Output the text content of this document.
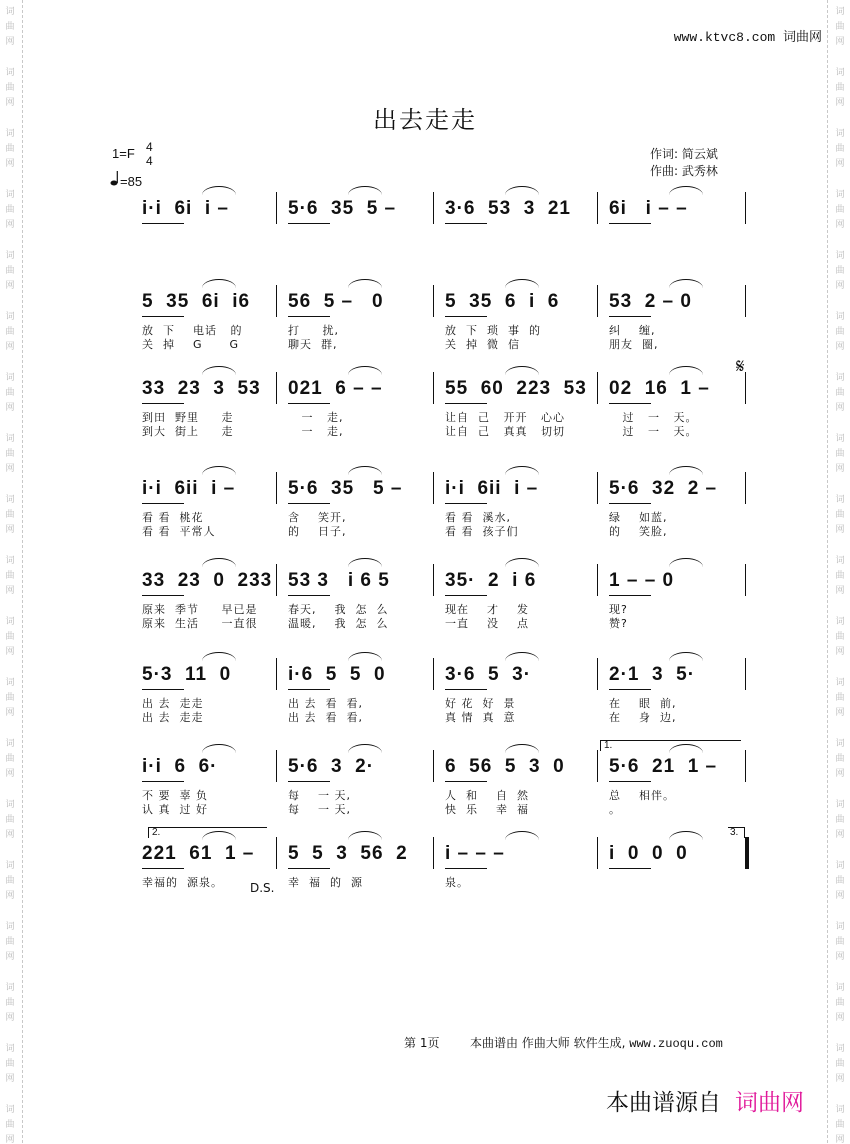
词
曲
网
词
曲
网
词
曲
网
词
曲
网
词
曲
网
词
曲
网
词
曲
网
词
曲
网
词
曲
网
词
曲
网
词
曲
网
词
曲
网
词
曲
网
词
曲
网
词
曲
网
词
曲
网
词
曲
网
词
曲
网
词
曲
网
词
曲
网
词
曲
网
词
曲
网
词
曲
网
词
曲
网
词
曲
网
词
曲
网
词
曲
网
词
曲
网
词
曲
网
词
曲
网
词
曲
网
词
曲
网
词
曲
网
词
曲
网
词
曲
网
词
曲
网
词
曲
网
词
曲
网
www.ktvc8.com 词曲网
出去走走
1=F 4
4
=85
作词: 简云斌
作曲: 武秀林
i·i  6i  i –	5·6  35  5 –	3·6  53  3  21 6i   i – –
5  35  6i  i6
放  下    电话   的
关  掉    G      G
56  5 –   0
打     扰,
聊天  群,
5  35  6  i  6
放  下  琐  事  的
关  掉  微  信
53  2 – 0
纠    缠,
朋友  圈,
33  23  3  53
到田  野里     走
到大  街上     走
021  6 – –
一   走,
一   走,
55  60  223  53
让自  己   开开   心心
让自  己   真真   切切
02  16  1 –
过   一   天。
过   一   天。
𝄋
i·i  6ii  i –
看 看  桃花
看 看  平常人
5·6  35   5 –
含    笑开,
的    日子,
i·i  6ii  i –
看 看  溪水,
看 看  孩子们
5·6  32  2 –
绿    如蓝,
的    笑脸,
33  23  0  233
原来  季节     早已是
原来  生活     一直很
53 3   i 6 5
春天,    我  怎  么
温暖,    我  怎  么
35·  2  i 6
现在    才    发
一直    没    点
1 – – 0
现?
赞?
5·3  11  0
出 去  走走
出 去  走走
i·6  5  5  0
出 去  看  看,
出 去  看  看,
3·6  5  3·
好 花  好  景
真 情  真  意
2·1  3  5·
在    眼  前,
在    身  边,
i·i  6  6·
不 要  辜 负
认 真  过 好
5·6  3  2·
每    一 天,
每    一 天,
6  56  5  3  0
人  和    自  然
快  乐    幸  福
5·6  21  1 –
总    相伴。
。
1.
221  61  1 –
幸福的  源泉。
5  5  3  56  2
幸  福  的  源
i – – –
泉。
i  0  0  0
2.	3.
D.S.
第 1页	本曲谱由 作曲大师 软件生成, www.zuoqu.com
本曲谱源自 词曲网
